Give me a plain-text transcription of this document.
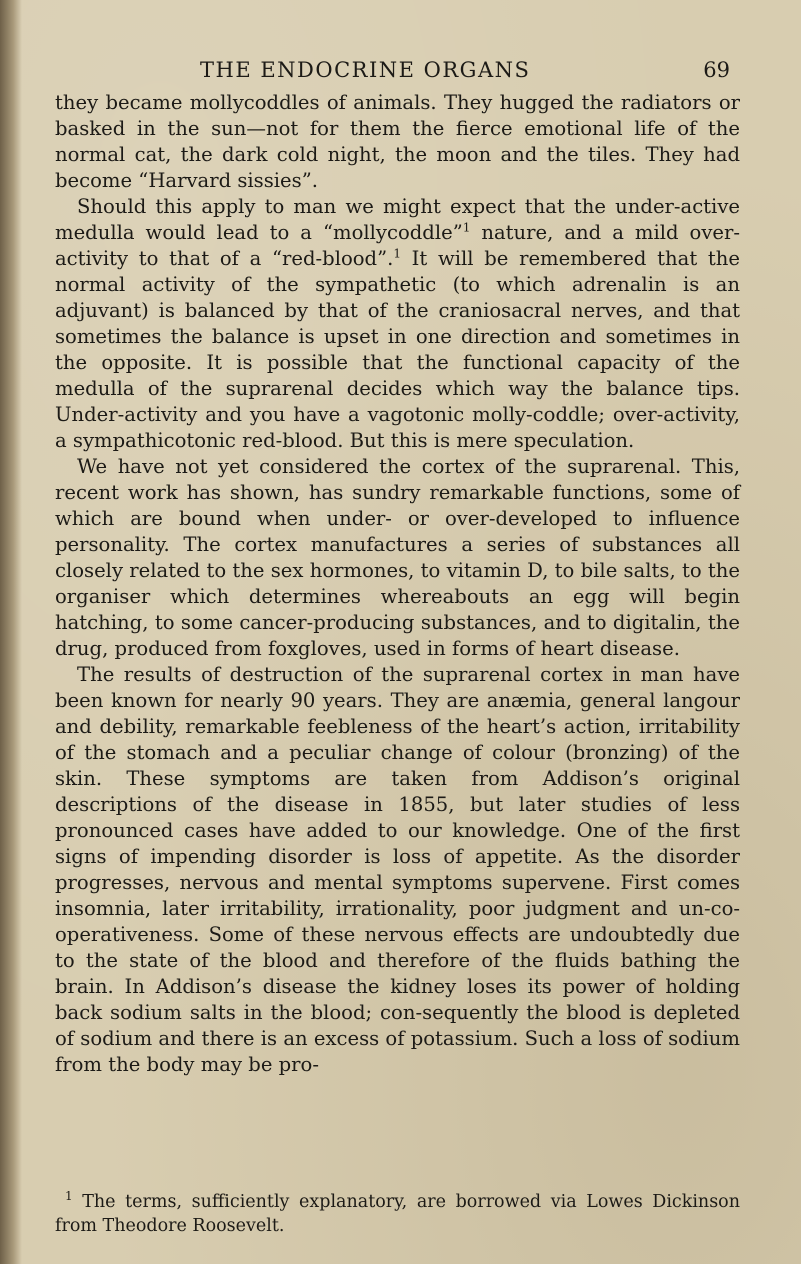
THE ENDOCRINE ORGANS	69

they became mollycoddles of animals. They hugged the radiators or basked in the sun—not for them the fierce emotional life of the normal cat, the dark cold night, the moon and the tiles. They had become “Harvard sissies”.

Should this apply to man we might expect that the under-active medulla would lead to a “mollycoddle”$^1$ nature, and a mild over-activity to that of a “red-blood”.$^1$ It will be remembered that the normal activity of the sympathetic (to which adrenalin is an adjuvant) is balanced by that of the craniosacral nerves, and that sometimes the balance is upset in one direction and sometimes in the opposite. It is possible that the functional capacity of the medulla of the suprarenal decides which way the balance tips. Under-activity and you have a vagotonic molly-coddle; over-activity, a sympathicotonic red-blood. But this is mere speculation.

We have not yet considered the cortex of the suprarenal. This, recent work has shown, has sundry remarkable functions, some of which are bound when under- or over-developed to influence personality. The cortex manufactures a series of substances all closely related to the sex hormones, to vitamin D, to bile salts, to the organiser which determines whereabouts an egg will begin hatching, to some cancer-producing substances, and to digitalin, the drug, produced from foxgloves, used in forms of heart disease.

The results of destruction of the suprarenal cortex in man have been known for nearly 90 years. They are anæmia, general langour and debility, remarkable feebleness of the heart’s action, irritability of the stomach and a peculiar change of colour (bronzing) of the skin. These symptoms are taken from Addison’s original descriptions of the disease in 1855, but later studies of less pronounced cases have added to our knowledge. One of the first signs of impending disorder is loss of appetite. As the disorder progresses, nervous and mental symptoms supervene. First comes insomnia, later irritability, irrationality, poor judgment and un-co-operativeness. Some of these nervous effects are undoubtedly due to the state of the blood and therefore of the fluids bathing the brain. In Addison’s disease the kidney loses its power of holding back sodium salts in the blood; con-sequently the blood is depleted of sodium and there is an excess of potassium. Such a loss of sodium from the body may be pro-

$^1$ The terms, sufficiently explanatory, are borrowed via Lowes Dickinson from Theodore Roosevelt.
